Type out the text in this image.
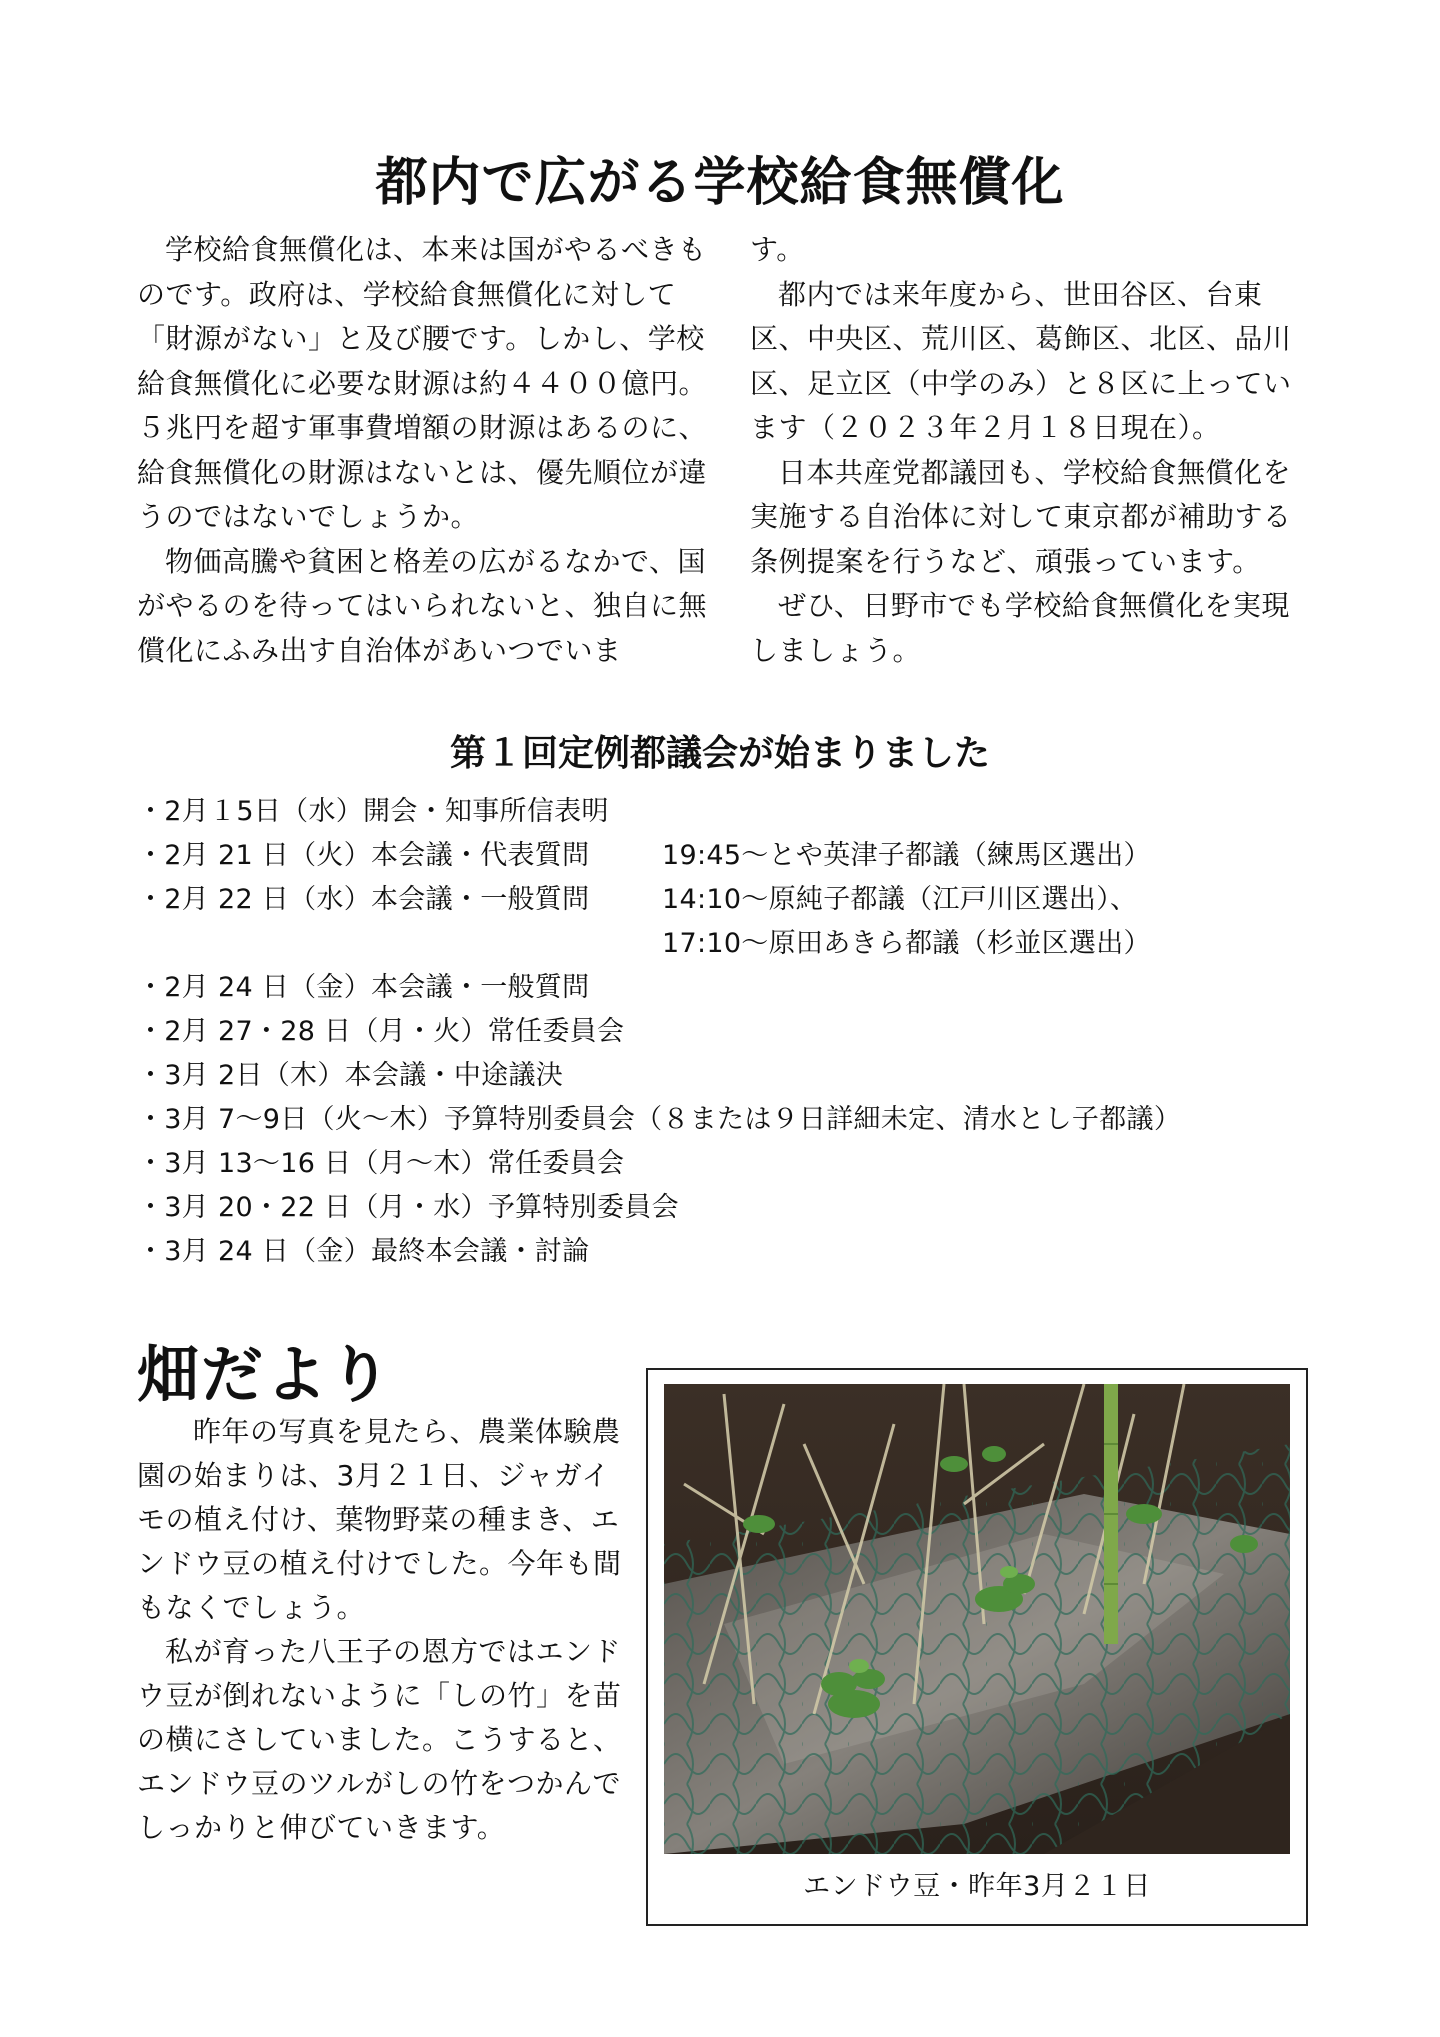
都内で広がる学校給食無償化

学校給食無償化は、本来は国がやるべきものです。政府は、学校給食無償化に対して「財源がない」と及び腰です。しかし、学校給食無償化に必要な財源は約４４００億円。５兆円を超す軍事費増額の財源はあるのに、給食無償化の財源はないとは、優先順位が違うのではないでしょうか。

物価高騰や貧困と格差の広がるなかで、国がやるのを待ってはいられないと、独自に無償化にふみ出す自治体があいつでいま

す。

都内では来年度から、世田谷区、台東区、中央区、荒川区、葛飾区、北区、品川区、足立区（中学のみ）と８区に上っています（２０２３年２月１８日現在）。

日本共産党都議団も、学校給食無償化を実施する自治体に対して東京都が補助する条例提案を行うなど、頑張っています。

ぜひ、日野市でも学校給食無償化を実現しましょう。

第１回定例都議会が始まりました
・2月１5日（水）開会・知事所信表明
・2月 21 日（火）本会議・代表質問	19:45～とや英津子都議（練馬区選出）
・2月 22 日（水）本会議・一般質問	14:10～原純子都議（江戸川区選出）、
17:10～原田あきら都議（杉並区選出）
・2月 24 日（金）本会議・一般質問
・2月 27・28 日（月・火）常任委員会
・3月 2日（木）本会議・中途議決
・3月 7～9日（火～木）予算特別委員会（８または９日詳細未定、清水とし子都議）
・3月 13～16 日（月～木）常任委員会
・3月 20・22 日（月・水）予算特別委員会
・3月 24 日（金）最終本会議・討論
畑だより

昨年の写真を見たら、農業体験農園の始まりは、3月２１日、ジャガイモの植え付け、葉物野菜の種まき、エンドウ豆の植え付けでした。今年も間もなくでしょう。

私が育った八王子の恩方ではエンドウ豆が倒れないように「しの竹」を苗の横にさしていました。こうすると、エンドウ豆のツルがしの竹をつかんでしっかりと伸びていきます。

エンドウ豆・昨年3月２１日
